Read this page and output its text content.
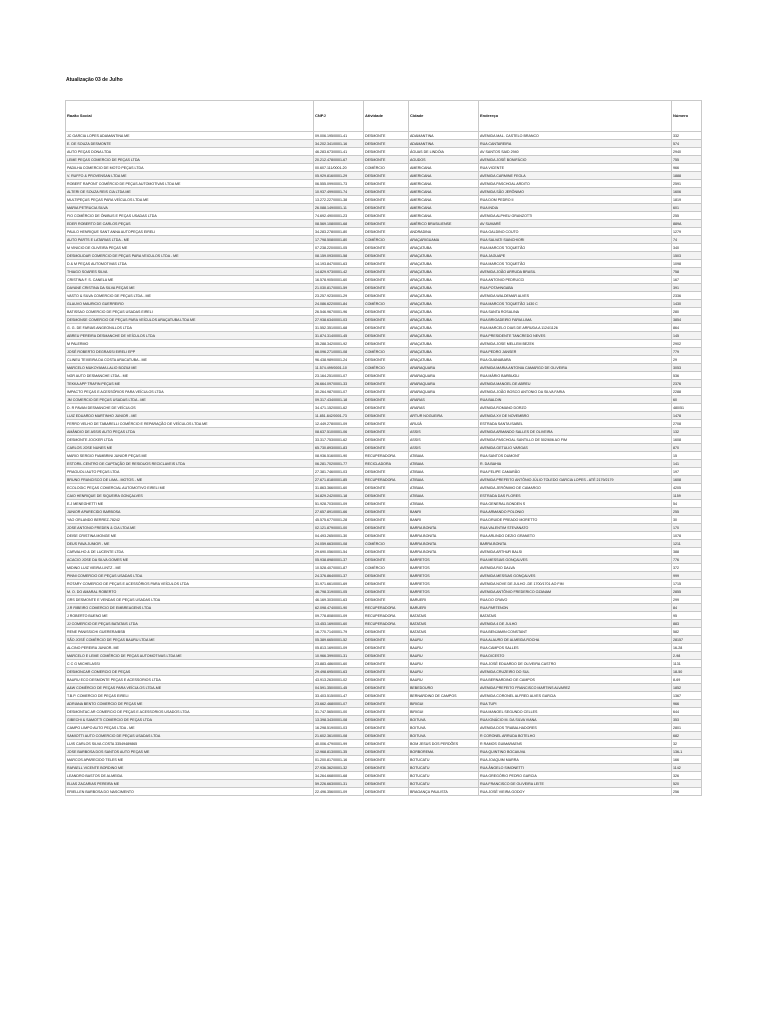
Atualização 03 de Julho
Razão Social	CNPJ	Atividade	Cidade	Endereço	Número
JC GARCIA LOPES ADAMANTINA ME	09.006.195/0001-41	DESMONTE	ADAMANTINA	AVENIDA MAL. CASTELO BRANCO	332
E. DE SOUZA DESMONTE	34.202.341/0001-16	DESMONTE	ADAMANTINA	RUA CANTAREIRA	574
AUTO PEÇAS DONA LTDA	46.283.673/0001-41	DESMONTE	ÁGUAS DE LINDÓIA	AV SANTOS SAID 2940	2940
LEME PEÇAS COMERCIO DE PEÇAS LTDA	20.212.478/0001-67	DESMONTE	AGUDOS	AVENIDA JOSÉ BONIFÁCIO	755
PADILHA COMERCIO DE MOTO PEÇAS LTDA	00.607.111/0001-20	COMÉRCIO	AMERICANA	RUA VICENTE	966
V. RUFFO & PROVENSAN LTDA ME	05.929.816/0001-29	DESMONTE	AMERICANA	AVENIDA CARMINE FEOLA	1888
ROBERT RAPONT COMÉRCIO DE PEÇAS AUTOMOTIVAS LTDA ME	06.555.099/0001-73	DESMONTE	AMERICANA	AVENIDA PASCHOAL ARDITO	2591
ALTERI DE SOUZA REIS CIA LTDA ME	10.937.499/0001-74	DESMONTE	AMERICANA	AVENIDA SÃO JERÔNIMO	1606
MULTIPEÇAS PEÇAS PARA VEÍCULOS LTDA ME	13.272.227/0001-38	DESMONTE	AMERICANA	RUA DOM PEDRO II	1819
MARIA PETRUCIA SILVA	26.088.149/0001-11	DESMONTE	AMERICANA	RUA INDIA	601
FIO COMÉRCIO DE ÔNIBUS E PEÇAS USADAS LTDA	74.692.490/0001-23	DESMONTE	AMERICANA	AVENIDA ALPHEU GRANZOTTI	255
EDER ROBERTO DE CARLOS PEÇAS	08.569.108/0001-68	DESMONTE	AMÉRICO BRASILIENSE	AV SUMARÉ	889A
PAULO HENRIQUE SANT ANNA AUTOPEÇAS EIRELI	34.283.278/0001-80	DESMONTE	ANDRADINA	RUA GALDINO COUTO	1279
AUTO PARTS E LATARIAS LTDA - ME	17.798.508/0001-80	COMÉRCIO	ARAÇARIGUAMA	RUA SALVATI SIANCHIORI	74
M VINICIO DE OLIVEIRA PEÇAS ME	07.238.220/0001-05	DESMONTE	ARAÇATUBA	RUA MARCOS TOQUETÃO	340
DESMOLIDAR COMERCIO DE PEÇAS PARA VEICULOS LTDA - ME	08.159.093/0001-58	DESMONTE	ARAÇATUBA	RUA JAGUAPE	1503
D & M PEÇAS AUTOMOTIVAS LTDA	14.193.847/0001-63	DESMONTE	ARAÇATUBA	RUA MARCOS TOQUETÃO	1098
THIAGO SOARES SILVA	14.829.973/0001-42	DESMONTE	ARAÇATUBA	AVENIDA JOÃO ARRUDA BRASIL	758
CRISTINA F. S. CANELA ME	16.578.905/0001-60	DESMONTE	ARAÇATUBA	RUA ANTONIO PEDRUCCI	167
DAYANE CRISTINA DA SILVA PEÇAS ME	21.030.817/0001-59	DESMONTE	ARAÇATUBA	RUA POTAHNGABA	391
VASTO & SILVA COMERCIO DE PEÇAS LTDA - ME	23.257.923/0001-29	DESMONTE	ARAÇATUBA	AVENIDA WALDEMAR ALVES	2336
GLAUVO MAURICIO GUERREIRO	24.086.622/0001-84	COMÉRCIO	ARAÇATUBA	RUA MARCOS TOQUETÃO 1430 C	1430
BATISSAO COMERCIO DE PEÇAS USADAS EIRELI	26.546.967/0001-96	DESMONTE	ARAÇATUBA	RUA SANTA ROSALINA	280
DESMONSE COMERCIO DE PEÇAS PARA VEÍCULOS ARAÇATUBA LTDA ME	27.938.634/0001-03	DESMONTE	ARAÇATUBA	RUA BRIGADEIRO FARIA LIMA	3854
G. G. DE FARIAS ANGEONILLOS LTDA	31.552.351/0001-68	DESMONTE	ARAÇATUBA	RUA MARCELO DIAS DE ARRUDA A 1124/1126	864
ABREU PEREIRA DESMANCHE DE VEÍCULOS LTDA	31.874.314/0001-45	DESMONTE	ARAÇATUBA	RUA PRESIDENTE TANCREDO NEVES	145
M PALERMO	35.288.342/0001-92	DESMONTE	ARAÇATUBA	AVENIDA JOSE MELLEM BEZEK	2902
JOSÉ ROBERTO DEGRASSI EIRELI EPP	66.096.271/0001-08	COMÉRCIO	ARAÇATUBA	RUA PEDRO JANSER	779
CLINEU TEIXEIRA DA COSTA ARACATUBA - ME	96.438.989/0001-24	DESMONTE	ARAÇATUBA	RUA GUANABARA	29
MARCELO MUKOYAMA LALIO BOZIUI ME	11.574.499/0001-10	COMÉRCIO	ARARAQUARA	AVENIDA MARIA ANTONIA CAMARGO DE OLIVEIRA	3053
NGR AUTO DESMANCHE LTDA - ME	23.164.251/0001-07	DESMONTE	ARARAQUARA	RUA MÁRIO BARBUGLI	536
TEKKA APP TRAFIN PEÇAS ME	26.664.097/0001-33	DESMONTE	ARARAQUARA	AVENIDA MANOEL DE ABREU	2376
IMPACTO PEÇAS E ACESSÓRIOS PARA VEÍCULOS LTDA	30.264.987/0001-07	DESMONTE	ARARAQUARA	AVENIDA JOÃO BOSCO ANTONIO DA SILVA FARIA	2288
JM COMERCIO DE PEÇAS USADAS LTDA - ME	09.317.434/0001-18	DESMONTE	ARARAS	RUA BALDIN	60
D. R PAVAN DESMANCHE DE VEÍCULOS	34.471.152/0001-62	DESMONTE	ARARAS	AVENIDA ROMANO DORZO	480/51
LUIZ EDUARDO MARTINHO JUNIOR - ME	11.851.842/0001-73	DESMONTE	ARTUR NOGUEIRA	AVENIDA XV DE NOVEMBRO	1478
FERRO VELHO DE TABARELLI COMÉRCIO E REPARAÇÃO DE VEÍCULOS LTDA ME	12.449.278/0001-09	DESMONTE	ARUJÁ	ESTRADA SANTA ISABEL	2708
AMÂNDIO DE ASSIS AUTO PEÇAS LTDA	08.637.510/0001-06	DESMONTE	ASSIS	AVENIDA ARMANDO SALLES DE OLIVEIRA	132
DESMONTE JOCKER LTDA	33.317.753/0001-62	DESMONTE	ASSIS	AVENIDA PASCHOAL SANTILLO DE 502/606 AO FIM	1608
CARLOS JOSE NUNES ME	65.730.893/0001-83	DESMONTE	ASSIS	AVENIDA GETULIO VARGAS	870
MARIO SERGIO FIAMBRINI JUNIOR PEÇAS ME	08.936.516/0001-90	RECUPERADORA	ATIBAIA	RUA SANTOS DUMONT	15
ESTORIL CENTRO DE CAPTAÇÃO DE RESIDUOS RECICLAVEIS LTDA	06.281.702/0001-77	RECICLADORA	ATIBAIA	R. DA BAHIA	141
PRAGUOLI AUTO PEÇAS LTDA	27.381.746/0001-03	DESMONTE	ATIBAIA	RUA FELIPE CAMARÃO	197
BRUNO FRANCISCO DE LIMA - MOTOS - ME	27.671.818/0001-85	RECUPERADORA	ATIBAIA	AVENIDA PREFEITO ANTÔNIO JÚLIO TOLEDO GARCIA LOPES - ATÉ 2179/2179	1608
ECOLOGIC PEÇAS COMERCIAL AUTOMOTIVO EIRELI ME	31.863.366/0001-60	DESMONTE	ATIBAIA	AVENIDA JERÔNIMO DE CAMARGO	4205
CAIO HENRIQUE DE SIQUEIRA GONÇALVES	34.829.242/0001-18	DESMONTE	ATIBAIA	ESTRADA DAS FLORES	1159
E.J MENEGHETTI ME	51.928.703/0001-09	DESMONTE	ATIBAIA	RUA GENERAL BONDEN S	54
JUNIOR APARECIDO BARBOSA	27.657.891/0001-66	DESMONTE	BANRI	RUA ARMANDO POLONIO	255
YAO ORLANDO BERREZ-78242	45.575.677/0001-28	DESMONTE	BANRI	RUA DRUIDE PREADO MORETTO	30
JOSE ANTONIO FREDEN & CIA LTDA ME	02.121.879/0001-00	DESMONTE	BARRA BONITA	RUA VALENTIM STEVANATO	170
DEISE CRISTINA MONGE ME	04.493.265/0001-30	DESMONTE	BARRA BONITA	RUA ARLINDO DEZIO GRANETO	1078
DEUS FAVA JUNIOR - ME	24.059.663/0001-08	COMÉRCIO	BARRA BONITA	BARRA BONITA	1211
CARVALHO & DE LUCENTE LTDA	29.690.056/0001-54	DESMONTE	BARRA BONITA	AVENIDA ARTHUR BALSI	388
ACACIO JOSE DA SILVA GOMES ME	05.938.898/0001-37	DESMONTE	BARRETOS	RUA MESSIAS GONÇALVES	776
MIDINO LUIZ VIEIRA LINTZ - ME	10.528.407/0001-87	COMÉRCIO	BARRETOS	AVENIDA RIO DALVA	372
PINNI COMERCIO DE PEÇAS USADAS LTDA	24.376.864/0001-37	DESMONTE	BARRETOS	AVENIDA MESSIAS GONÇALVES	999
ROTARY COMERCIO DE PEÇAS E ACESSÓRIOS PARA VEÍCULOS LTDA	31.971.661/0001-69	DESMONTE	BARRETOS	AVENIDA NOVE DE JULHO -DE 1700/1701 AO FIM	1715
M. O. DO AMARAL ROBERTO	46.798.319/0001-05	DESMONTE	BARRETOS	AVENIDA ANTÔNIO FREDERICO OZANAM	2855
GRS DESMONTE E VENDAS DE PEÇAS USADAS LTDA	46.169.303/0001-63	DESMONTE	BARUERI	RUA DO CRAVO	299
J.R RIBEIRO COMERCIO DE EMBREAGENS LTDA	62.098.474/0001-90	RECUPERADORA	BARUERI	RUA PARTENON	84
J ROBERTO BUENO ME	09.778.808/0001-09	RECUPERADORA	BATATAIS	BATATAIS	95
JJ COMERCIO DE PEÇAS BATATAIS LTDA	13.453.169/0001-60	RECUPERADORA	BATATAIS	AVENIDA 4 DE JULHO	883
RENE PANISSICHI GUERERA/BSB	16.770.714/0001-79	DESMONTE	BATATAIS	RUA BENJAMIN CONSTANT	582
SÃO JOSÉ COMÉRCIO DE PEÇAS BAURU LTDA ME	05.389.665/0001-52	DESMONTE	BAURU	RUA ALAURO DE ALMEIDA ROCHA	28157
ALCINO PEREIRA JUNIOR- ME	05.813.169/0001-09	DESMONTE	BAURU	RUA CAMPOS SALLES	16-28
MARCELO E LEME COMÉRCIO DE PEÇAS AUTOMOTIVAS LTDA ME	10.966.399/0001-31	DESMONTE	BAURU	RUA DICESTO	2-98
C C G MICHELASSI	23.883.486/0001-60	DESMONTE	BAURU	RUA JOSÉ EDUARDO DE OLIVEIRA CASTRO	1131
DESMONCAR COMERCIO DE PEÇAS	29.498.695/0001-63	DESMONTE	BAURU	AVENIDA CRUZEIRO DO SUL	18-50
BAURU ECO DESMONTE PEÇAS E ACESSORIOS LTDA	43.913.263/0001-02	DESMONTE	BAURU	RUA BERNARDINO DE CAMPOS	8-69
A&W COMÉRCIO DE PEÇAS PARA VEÍCULOS LTDA-ME	04.591.350/0001-45	DESMONTE	BEBEDOURO	AVENIDA PREFEITO FRANCISCO MARTINS ALVAREZ	1852
T.B.P. COMERCIO DE PEÇAS EIRELI	33.403.515/0001-47	DESMONTE	BERNARDINO DE CAMPOS	AVENIDA CORONEL ALFRED ALVES GARCIA	1367
ADRIANA BENTO COMERCIO DE PEÇAS ME	23.662.468/0001-07	DESMONTE	BIRIGUI	RUA TUPI	966
DESMONTAC AR COMERCIO DE PEÇAS E ACESSORIOS USADOS LTDA	31.747.565/0001-00	DESMONTE	BIRIGUI	RUA MANOEL SEGUNDO CELLES	644
GIBECHI & SAMOTTI COMERCIO DE PEÇAS LTDA	13.398.343/0001-08	DESMONTE	BOITUVA	RUA IGNÁCIO M. DA SILVA VIANA	353
CAMPO LIMPO AUTO PEÇAS LTDA - ME	16.298.519/0001-03	DESMONTE	BOITUVA	AVENIDA DOS TRABALHADORES	2801
SAMIOTTI AUTO COMERCIO DE PEÇAS USADAS LTDA	21.602.361/0001-08	DESMONTE	BOITUVA	R CORONEL ARRUDA BOTELHO	682
LUIS CARLOS SILVA COSTA 33549489865	40.006.479/0001-99	DESMONTE	BOM JESUS DOS PERDÕES	R RAMOS GUIMARAENS	32
JOSE BARBOSA DOS SANTOS AUTO PEÇAS ME	12.968.813/0001-35	DESMONTE	BORBOREMA	RUA QUINTINO BOCAIUVA	136-1
MARCOS APARECIDO TELES ME	01.200.817/0001-16	DESMONTE	BOTUCATU	RUA JOAQUIM MARRA	166
RAFAELL VICENTE BORDINO ME	27.936.362/0001-32	DESMONTE	BOTUCATU	RUA ÂNGELO SIMONETTI	1142
LEANDRO BASTOS DE ALMEIDA	34.264.668/0001-68	DESMONTE	BOTUCATU	RUA GREGÓRIO PEDRO GARCIA	326
ELIAS ZACARIAS PEREIRA ME	59.226.663/0001-31	DESMONTE	BOTUCATU	RUA FRANCISCO DE OLIVEIRA LEITE	520
ERIELLEN BARBOSA DO NASCIMENTO	22.496.356/0001-09	DESMONTE	BRAGANÇA PAULISTA	RUA JOSÉ VIEIRA GODOY	256
